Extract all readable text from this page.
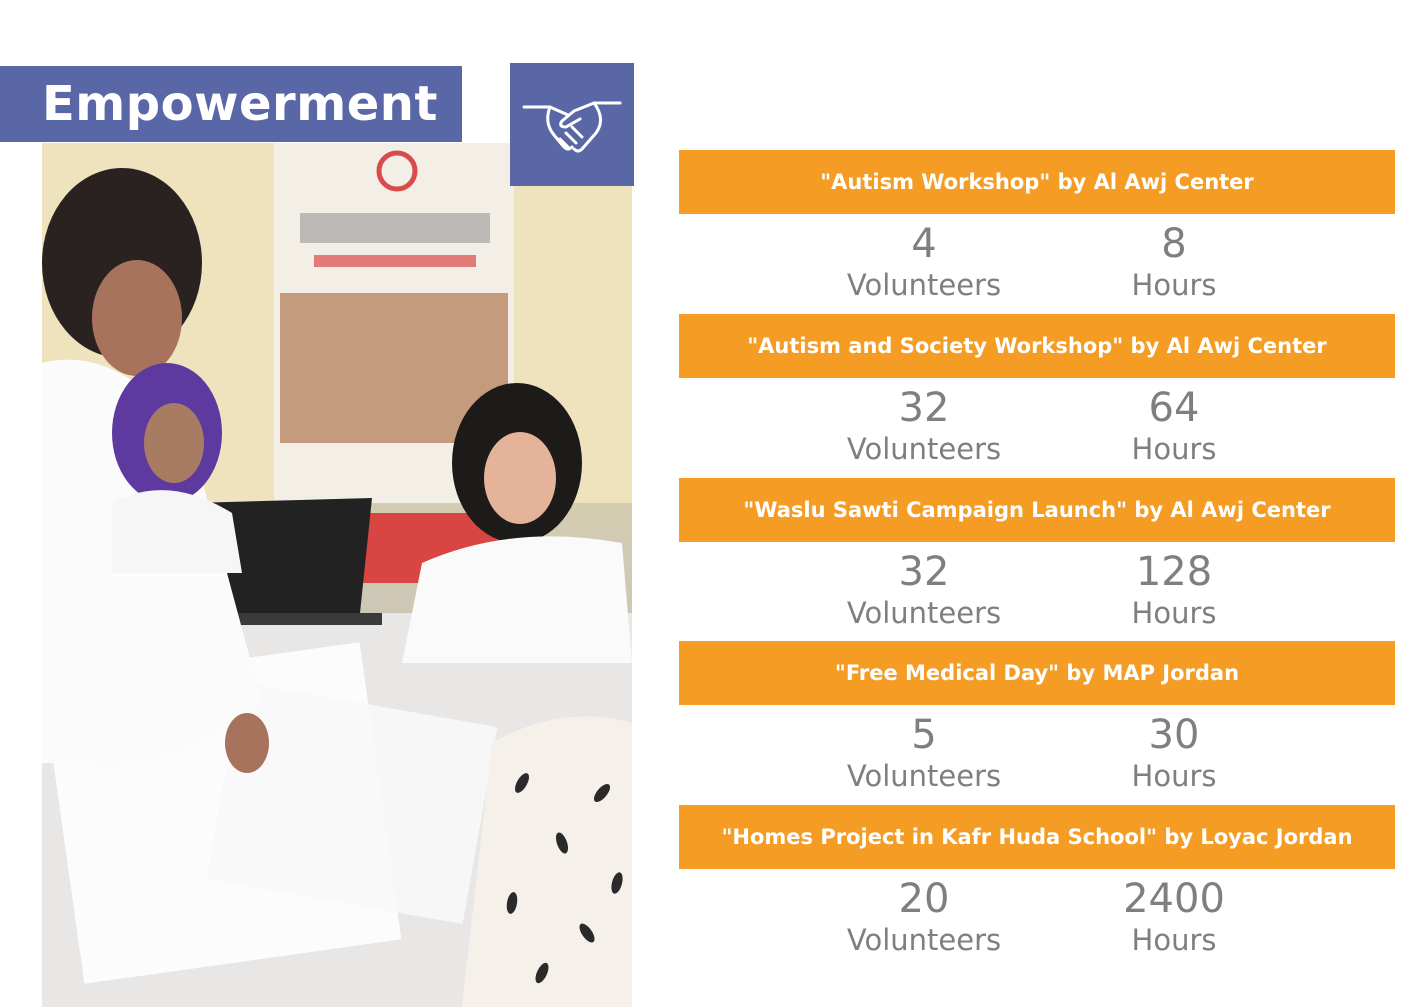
Empowerment
"Autism Workshop" by Al Awj Center
4	8
Volunteers	Hours
"Autism and Society Workshop" by Al Awj Center
32	64
Volunteers	Hours
"Waslu Sawti Campaign Launch" by Al Awj Center
32	128
Volunteers	Hours
"Free Medical Day" by MAP Jordan
5	30
Volunteers	Hours
"Homes Project in Kafr Huda School" by Loyac Jordan
20	2400
Volunteers	Hours
